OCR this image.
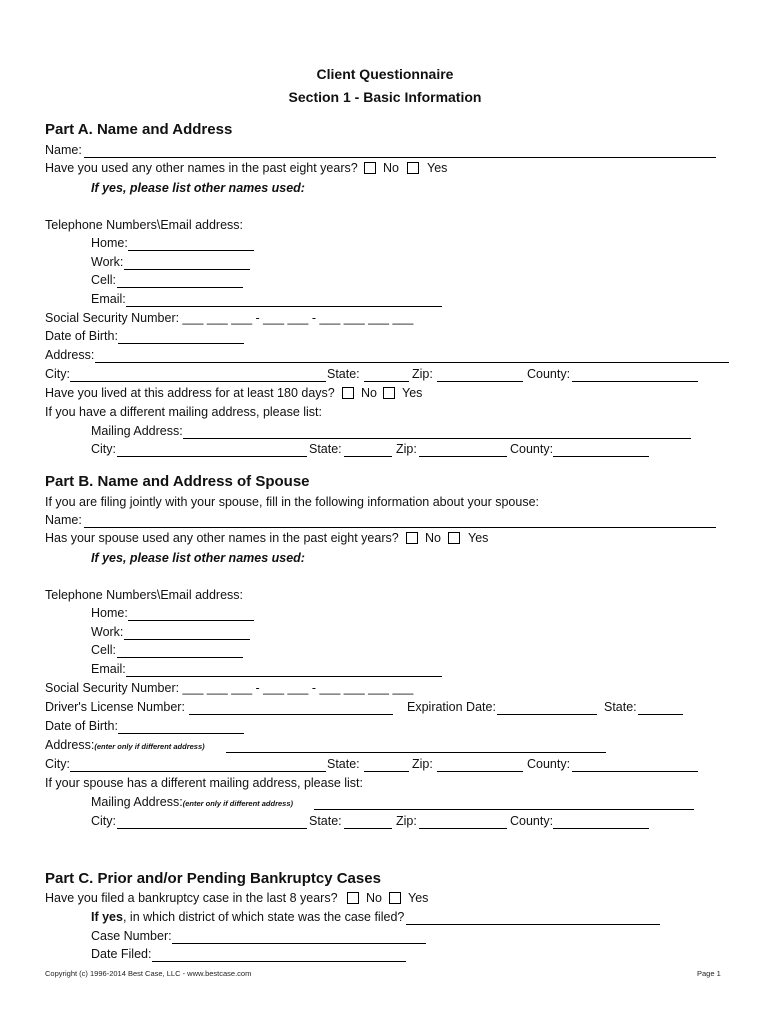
Client Questionnaire
Section 1 - Basic Information
Part A. Name and Address
Name:
Have you used any other names in the past eight years? No Yes
If yes, please list other names used:
Telephone Numbers\Email address:
Home:
Work:
Cell:
Email:
Social Security Number: ___ ___ ___ - ___ ___ - ___ ___ ___ ___
Date of Birth:
Address:
City:	State:	Zip:	County:
Have you lived at this address for at least 180 days? No Yes
If you have a different mailing address, please list:
Mailing Address:
City:	State:	Zip:	County:
Part B. Name and Address of Spouse
If you are filing jointly with your spouse, fill in the following information about your spouse:
Name:
Has your spouse used any other names in the past eight years? No Yes
If yes, please list other names used:
Telephone Numbers\Email address:
Home:
Work:
Cell:
Email:
Social Security Number: ___ ___ ___ - ___ ___ - ___ ___ ___ ___
Driver's License Number:	Expiration Date:	State:
Date of Birth:
Address:(enter only if different address)
City:	State:	Zip:	County:
If your spouse has a different mailing address, please list:
Mailing Address:(enter only if different address)
City:	State:	Zip:	County:
Part C. Prior and/or Pending Bankruptcy Cases
Have you filed a bankruptcy case in the last 8 years? No Yes
If yes, in which district of which state was the case filed?
Case Number:
Date Filed:
Copyright (c) 1996-2014 Best Case, LLC - www.bestcase.com	Page 1
